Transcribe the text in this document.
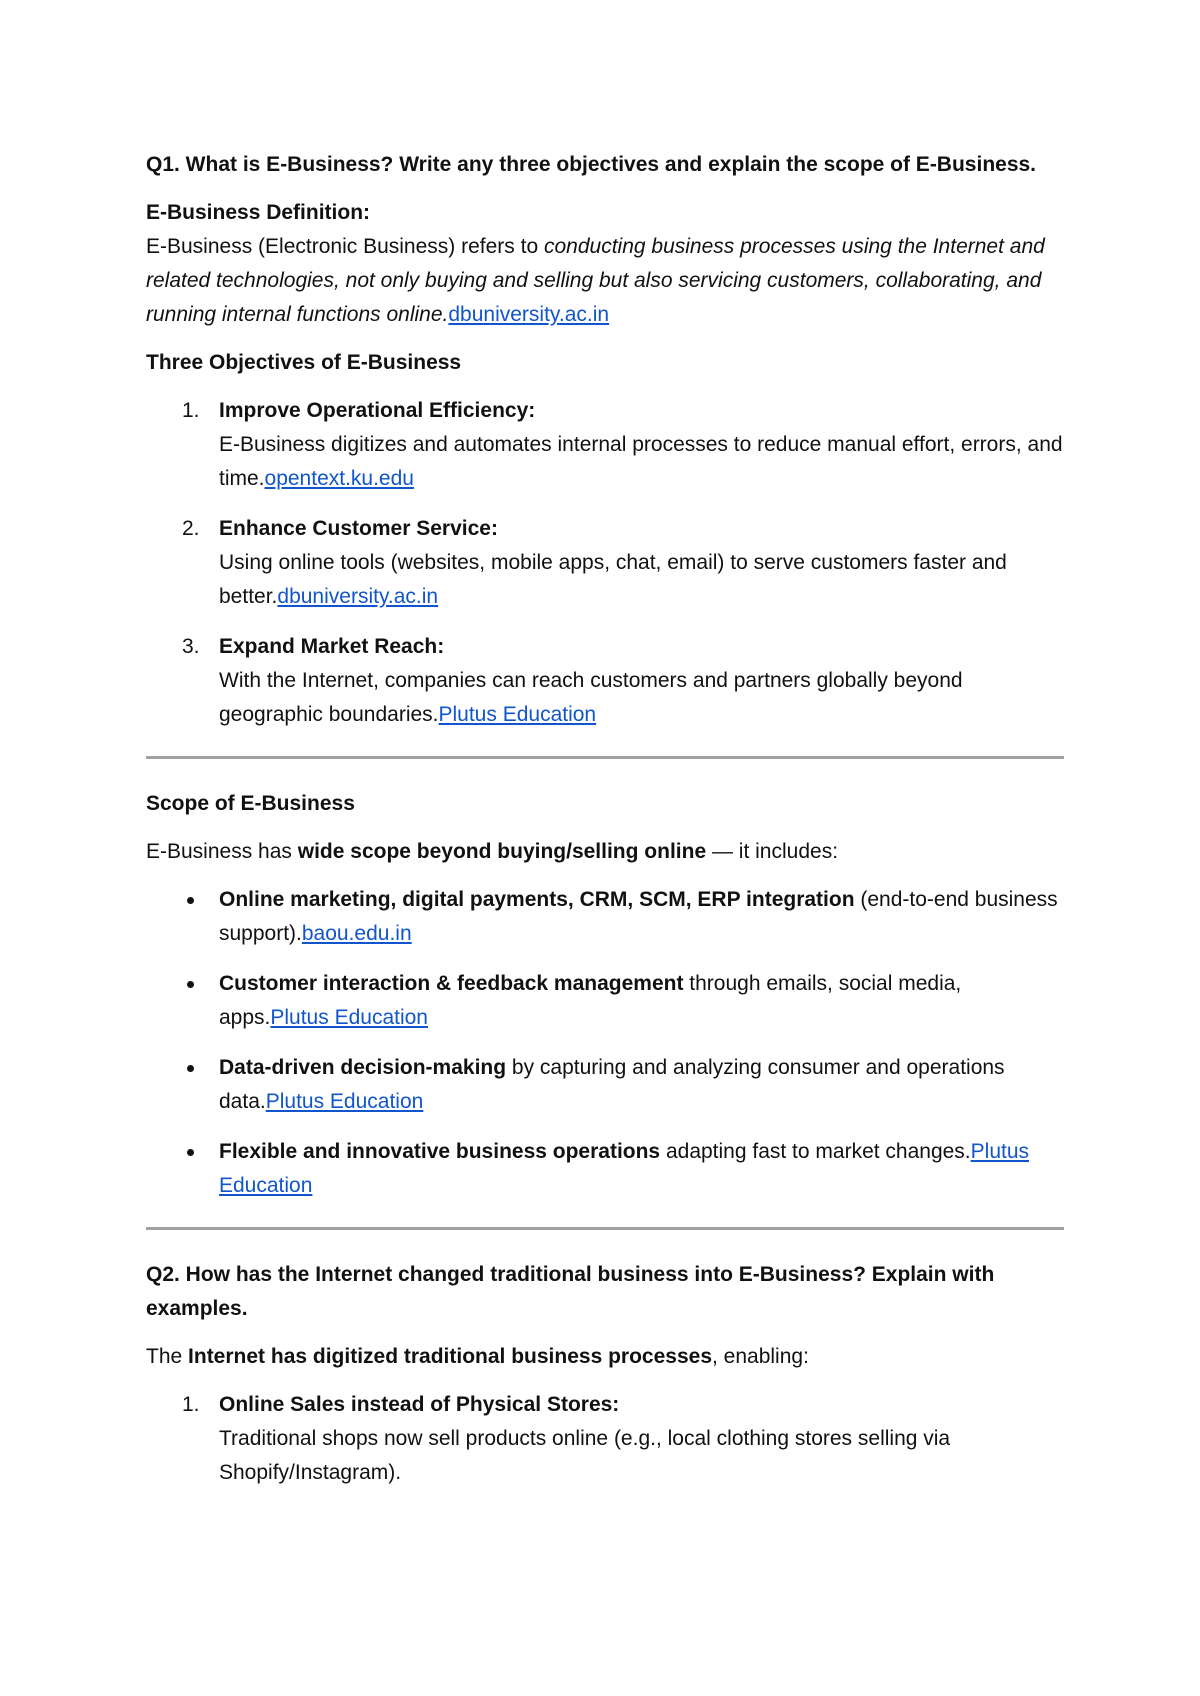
Q1. What is E-Business? Write any three objectives and explain the scope of E-Business.

E-Business Definition:

E-Business (Electronic Business) refers to conducting business processes using the Internet and related technologies, not only buying and selling but also servicing customers, collaborating, and running internal functions online.dbuniversity.ac.in

Three Objectives of E-Business

1. Improve Operational Efficiency:
E-Business digitizes and automates internal processes to reduce manual effort, errors, and time.opentext.ku.edu
2. Enhance Customer Service:
Using online tools (websites, mobile apps, chat, email) to serve customers faster and better.dbuniversity.ac.in
3. Expand Market Reach:
With the Internet, companies can reach customers and partners globally beyond geographic boundaries.Plutus Education

Scope of E-Business

E-Business has wide scope beyond buying/selling online — it includes:

Online marketing, digital payments, CRM, SCM, ERP integration (end-to-end business support).baou.edu.in
Customer interaction & feedback management through emails, social media, apps.Plutus Education
Data-driven decision-making by capturing and analyzing consumer and operations data.Plutus Education
Flexible and innovative business operations adapting fast to market changes.Plutus Education

Q2. How has the Internet changed traditional business into E-Business? Explain with examples.

The Internet has digitized traditional business processes, enabling:

1. Online Sales instead of Physical Stores:
Traditional shops now sell products online (e.g., local clothing stores selling via Shopify/Instagram).
